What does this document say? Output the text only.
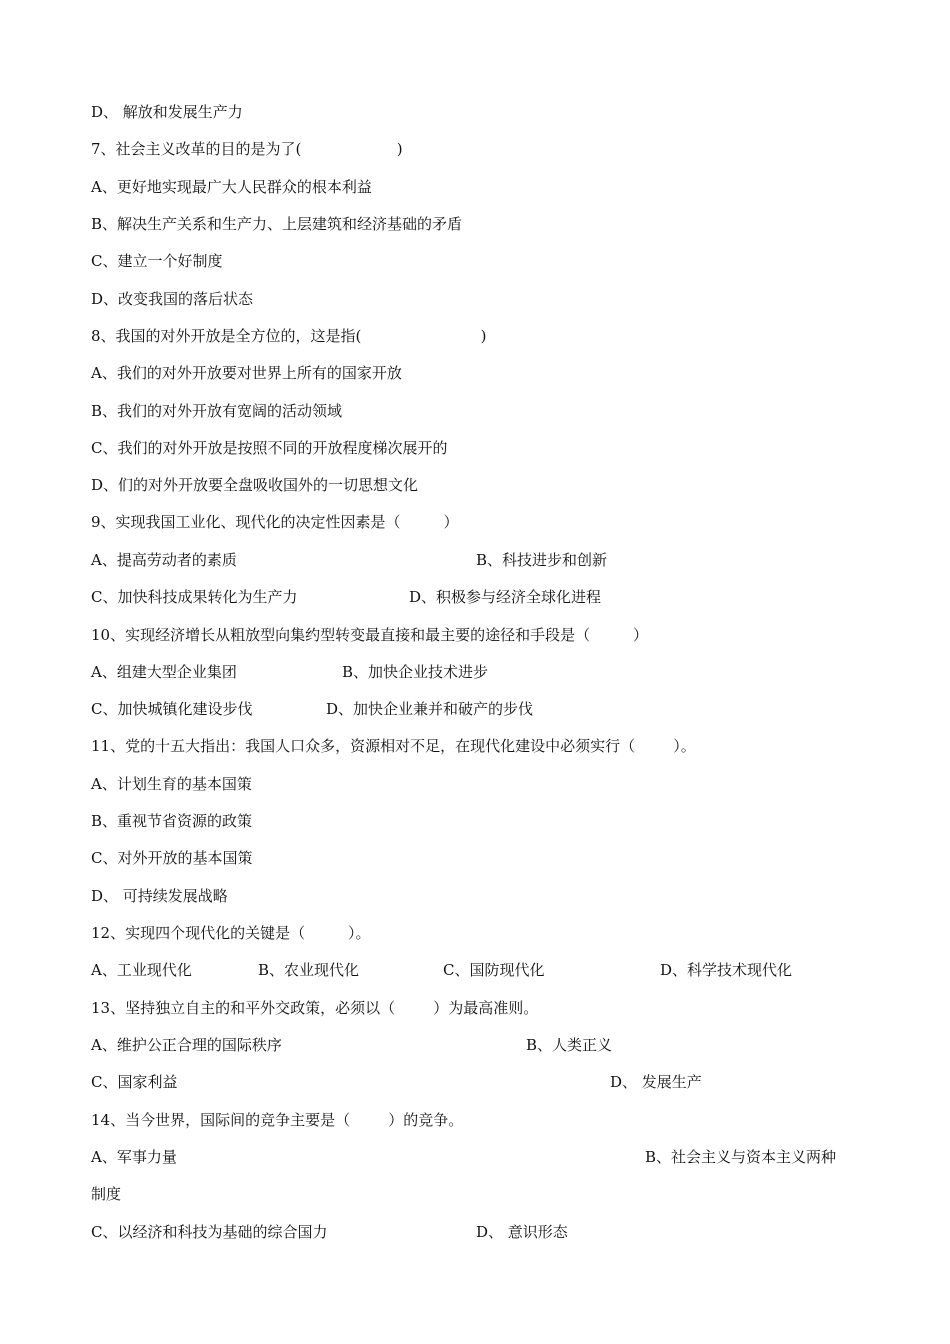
D、 解放和发展生产力
7、社会主义改革的目的是为了(                    )
A、更好地实现最广大人民群众的根本利益
B、解决生产关系和生产力、上层建筑和经济基础的矛盾
C、建立一个好制度
D、改变我国的落后状态
8、我国的对外开放是全方位的，这是指(                         )
A、我们的对外开放要对世界上所有的国家开放
B、我们的对外开放有宽阔的活动领域
C、我们的对外开放是按照不同的开放程度梯次展开的
D、们的对外开放要全盘吸收国外的一切思想文化
9、实现我国工业化、现代化的决定性因素是（         ）
A、提高劳动者的素质	B、科技进步和创新
C、加快科技成果转化为生产力	D、积极参与经济全球化进程
10、实现经济增长从粗放型向集约型转变最直接和最主要的途径和手段是（         ）
A、组建大型企业集团	B、加快企业技术进步
C、加快城镇化建设步伐	D、加快企业兼并和破产的步伐
11、党的十五大指出：我国人口众多，资源相对不足，在现代化建设中必须实行（        ）。
A、计划生育的基本国策
B、重视节省资源的政策
C、对外开放的基本国策
D、 可持续发展战略
12、实现四个现代化的关键是（         ）。
A、工业现代化	B、农业现代化	C、国防现代化	D、科学技术现代化
13、坚持独立自主的和平外交政策，必须以（        ）为最高准则。
A、维护公正合理的国际秩序	B、人类正义
C、国家利益	D、 发展生产
14、当今世界，国际间的竞争主要是（        ）的竞争。
A、军事力量	B、社会主义与资本主义两种
制度
C、以经济和科技为基础的综合国力	D、 意识形态
